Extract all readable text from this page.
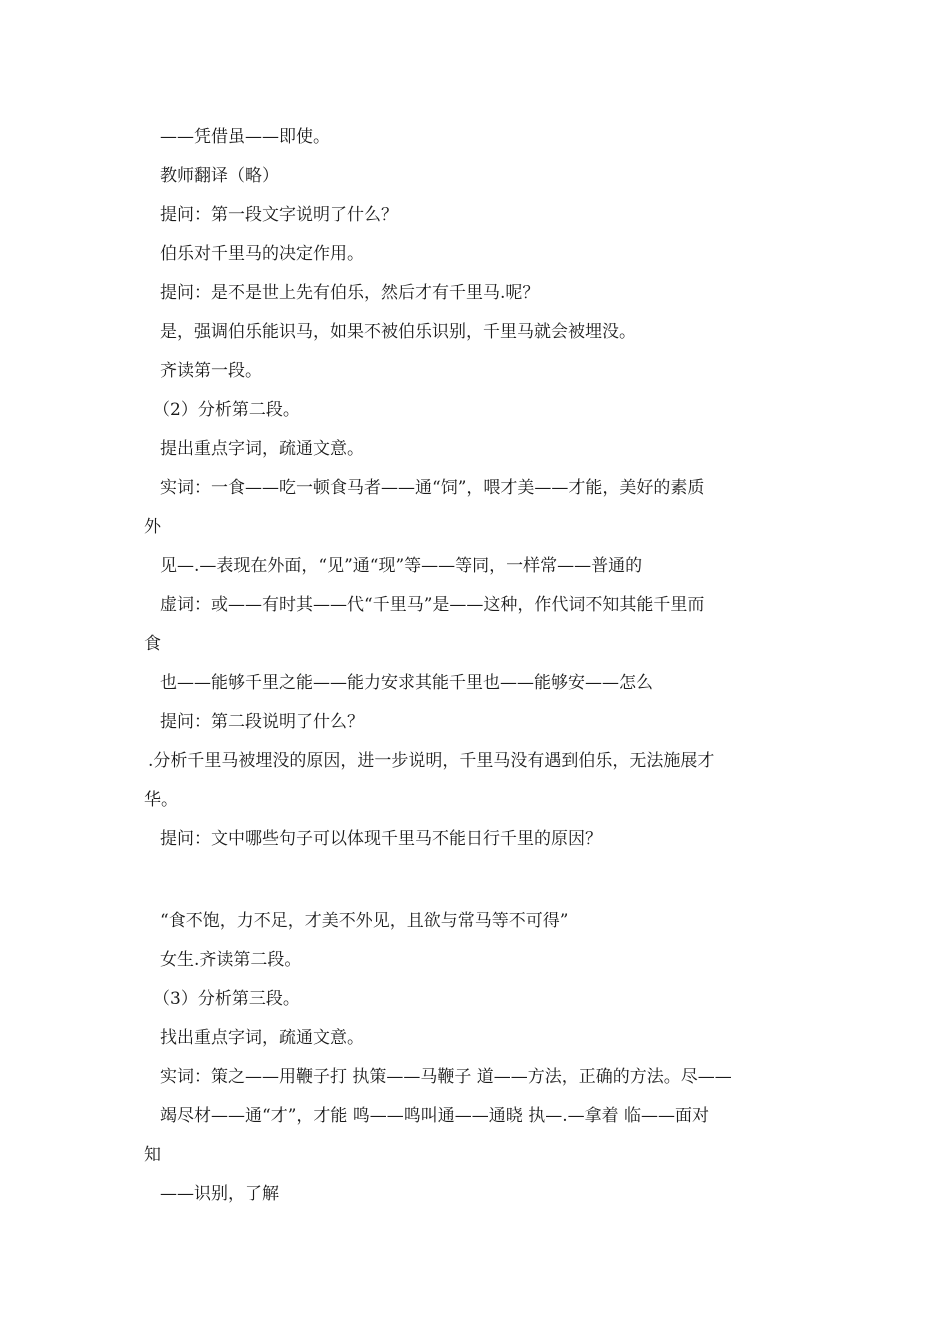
——凭借虽——即使。
教师翻译（略）
提问：第一段文字说明了什么？
伯乐对千里马的决定作用。
提问：是不是世上先有伯乐，然后才有千里马.呢？
是，强调伯乐能识马，如果不被伯乐识别，千里马就会被埋没。
齐读第一段。
（2）分析第二段。
提出重点字词，疏通文意。
实词：一食——吃一顿食马者——通“饲”，喂才美——才能，美好的素质
外
见—.—表现在外面，“见”通“现”等——等同，一样常——普通的
虚词：或——有时其——代“千里马”是——这种，作代词不知其能千里而
食
也——能够千里之能——能力安求其能千里也——能够安——怎么
提问：第二段说明了什么？
.分析千里马被埋没的原因，进一步说明，千里马没有遇到伯乐，无法施展才
华。
提问：文中哪些句子可以体现千里马不能日行千里的原因？
“食不饱，力不足，才美不外见，且欲与常马等不可得”
女生.齐读第二段。
（3）分析第三段。
找出重点字词，疏通文意。
实词：策之——用鞭子打 执策——马鞭子 道——方法，正确的方法。尽——
竭尽材——通“才”，才能 鸣——鸣叫通——通晓 执—.—拿着 临——面对
知
——识别，了解
